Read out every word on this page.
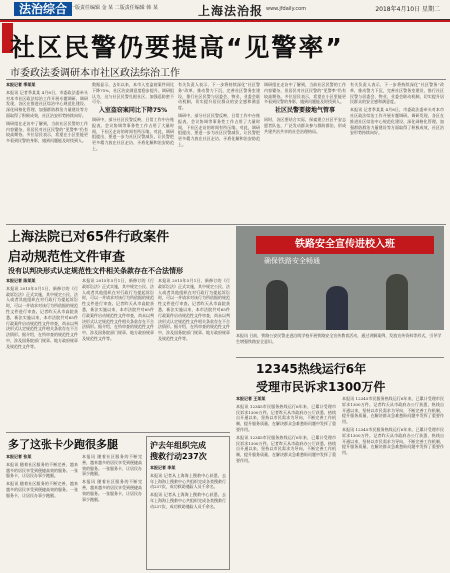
法治综合 一版责任编辑 金 某 二版责任编辑 韩 某	上海法治报 www.jfdaily.com	2018年4月10日 星期二
社区民警仍要提高“见警率”
市委政法委调研本市社区政法综治工作
本报记者 季某某

本报讯 记者季某某 4月8日，市委政法委牵头对本市社区政法综治工作开展专题调研。调研发现，各区在推进社区综治中心规范化建设、深化网格化管理、加强群防群治力量建设等方面取得了积极成效，社区治安形势持续向好。

调研组在走访中了解到，当前社区民警的工作内容繁杂，但居民对社区民警的“见警率”仍有较高期待。多位居民表示，希望在小区里能更多看到民警的身影，遇到问题能及时找到人。

数据显示，去年以来，本市入室盗窃案件同比下降75%，社区治安满意度稳步提升。调研组认为，这与社区民警扎根社区、加强巡防密不可分。

入室盗窃案同比下降75%

调研中，部分社区民警反映，日常工作中台账报表、会议协调等事务性工作占用了大量时间，下社区走访的时间有所压缩。对此，调研组提出，要进一步为社区民警减负，让民警把更多精力放在社区走访、矛盾化解和治安防范上。

有关负责人表示，下一步将持续深化“社区警务”改革，推动警力下沉，完善社区警务室建设，推行社区民警与居委会、物业、业委会联动机制，切实提升居民群众的安全感和满意度。

调研中，部分社区民警反映，日常工作中台账报表、会议协调等事务性工作占用了大量时间，下社区走访的时间有所压缩。对此，调研组提出，要进一步为社区民警减负，让民警把更多精力放在社区走访、矛盾化解和治安防范上。

调研组在走访中了解到，当前社区民警的工作内容繁杂，但居民对社区民警的“见警率”仍有较高期待。多位居民表示，希望在小区里能更多看到民警的身影，遇到问题能及时找到人。

社区民警要接地气管事

同时，各区要结合实际，探索建立社区平安志愿者队伍，广泛发动群众参与群防群治，形成共建共治共享的社会治理格局。

有关负责人表示，下一步将持续深化“社区警务”改革，推动警力下沉，完善社区警务室建设，推行社区民警与居委会、物业、业委会联动机制，切实提升居民群众的安全感和满意度。

本报讯 记者季某某 4月8日，市委政法委牵头对本市社区政法综治工作开展专题调研。调研发现，各区在推进社区综治中心规范化建设、深化网格化管理、加强群防群治力量建设等方面取得了积极成效，社区治安形势持续向好。

上海法院已对65件行政案件
启动规范性文件审查
没有以判决形式认定规范性文件相关条款存在不合法情形
本报记者 陈某某

本报讯 2015年5月1日，新修订的《行政诉讼法》正式实施，其中规定公民、法人或者其他组织在对行政行为提起诉讼时，可以一并请求对该行为所依据的规范性文件进行审查。记者昨天从市高院获悉，新法实施以来，本市法院共对65件行政案件启动规范性文件审查，尚未以判决形式认定规范性文件相关条款存在不合法情形。据介绍，在所审查的规范性文件中，涉及国务院部门规章、地方政府规章及规范性文件等。

本报讯 2015年5月1日，新修订的《行政诉讼法》正式实施，其中规定公民、法人或者其他组织在对行政行为提起诉讼时，可以一并请求对该行为所依据的规范性文件进行审查。记者昨天从市高院获悉，新法实施以来，本市法院共对65件行政案件启动规范性文件审查，尚未以判决形式认定规范性文件相关条款存在不合法情形。据介绍，在所审查的规范性文件中，涉及国务院部门规章、地方政府规章及规范性文件等。

本报讯 2015年5月1日，新修订的《行政诉讼法》正式实施，其中规定公民、法人或者其他组织在对行政行为提起诉讼时，可以一并请求对该行为所依据的规范性文件进行审查。记者昨天从市高院获悉，新法实施以来，本市法院共对65件行政案件启动规范性文件审查，尚未以判决形式认定规范性文件相关条款存在不合法情形。据介绍，在所审查的规范性文件中，涉及国务院部门规章、地方政府规章及规范性文件等。

铁路安全宣传进校入班
确保铁路安全畅通
本报讯 日前，铁路公安民警走进沿线学校开展铁路安全宣传教育活动，通过讲解案例、发放宣传资料等形式，引导学生增强铁路安全意识。
12345热线运行6年
受理市民诉求1300万件
本报记者 王某某

本报讯 12345市民服务热线运行6年来，已累计受理市民诉求1300万件。记者昨天从市政府办公厅获悉，热线自开通以来，坚持以市民需求为导向，不断完善工作机制，提升服务质量，在解决群众急难愁盼问题中发挥了重要作用。

本报讯 12345市民服务热线运行6年来，已累计受理市民诉求1300万件。记者昨天从市政府办公厅获悉，热线自开通以来，坚持以市民需求为导向，不断完善工作机制，提升服务质量，在解决群众急难愁盼问题中发挥了重要作用。

本报讯 12345市民服务热线运行6年来，已累计受理市民诉求1300万件。记者昨天从市政府办公厅获悉，热线自开通以来，坚持以市民需求为导向，不断完善工作机制，提升服务质量，在解决群众急难愁盼问题中发挥了重要作用。

本报讯 12345市民服务热线运行6年来，已累计受理市民诉求1300万件。记者昨天从市政府办公厅获悉，热线自开通以来，坚持以市民需求为导向，不断完善工作机制，提升服务质量，在解决群众急难愁盼问题中发挥了重要作用。

多了这张卡少跑很多腿
本报记者 张某

本报讯 随着社区服务的不断完善，越来越多的居民享受到便捷高效的服务。一张服务卡，让居民办事少跑腿。

本报讯 随着社区服务的不断完善，越来越多的居民享受到便捷高效的服务。一张服务卡，让居民办事少跑腿。

本报讯 随着社区服务的不断完善，越来越多的居民享受到便捷高效的服务。一张服务卡，让居民办事少跑腿。

本报讯 随着社区服务的不断完善，越来越多的居民享受到便捷高效的服务。一张服务卡，让居民办事少跑腿。

沪去年组织完成
搜救行动237次
本报记者 李某

本报讯 记者从上海海上搜救中心获悉，去年上海海上搜救中心共组织完成各类搜救行动237次，成功救助遇险人员千余名。

本报讯 记者从上海海上搜救中心获悉，去年上海海上搜救中心共组织完成各类搜救行动237次，成功救助遇险人员千余名。
